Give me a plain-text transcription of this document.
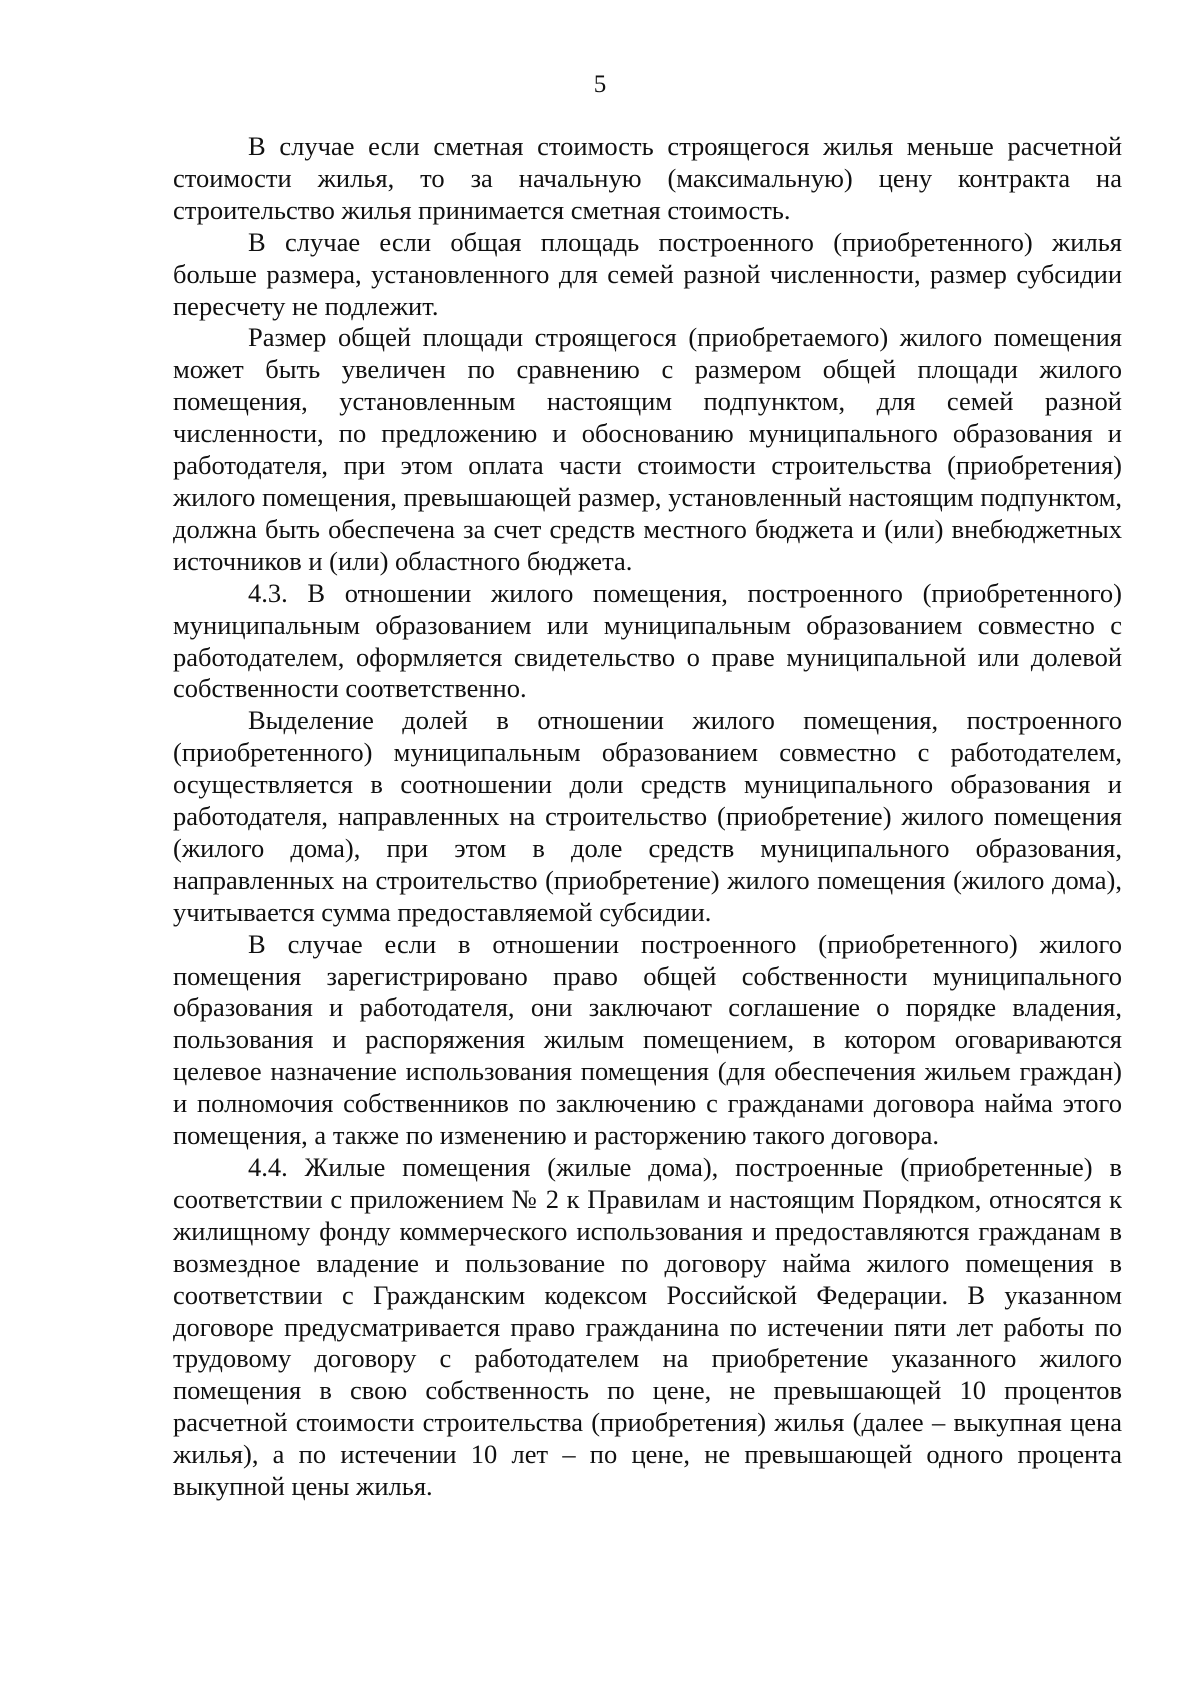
5

В случае если сметная стоимость строящегося жилья меньше расчетной стоимости жилья, то за начальную (максимальную) цену контракта на строительство жилья принимается сметная стоимость.

В случае если общая площадь построенного (приобретенного) жилья больше размера, установленного для семей разной численности, размер субсидии пересчету не подлежит.

Размер общей площади строящегося (приобретаемого) жилого помещения может быть увеличен по сравнению с размером общей площади жилого помещения, установленным настоящим подпунктом, для семей разной численности, по предложению и обоснованию муниципального образования и работодателя, при этом оплата части стоимости строительства (приобретения) жилого помещения, превышающей размер, установленный настоящим подпунктом, должна быть обеспечена за счет средств местного бюджета и (или) внебюджетных источников и (или) областного бюджета.

4.3. В отношении жилого помещения, построенного (приобретенного) муниципальным образованием или муниципальным образованием совместно с работодателем, оформляется свидетельство о праве муниципальной или долевой собственности соответственно.

Выделение долей в отношении жилого помещения, построенного (приобретенного) муниципальным образованием совместно с работодателем, осуществляется в соотношении доли средств муниципального образования и работодателя, направленных на строительство (приобретение) жилого помещения (жилого дома), при этом в доле средств муниципального образования, направленных на строительство (приобретение) жилого помещения (жилого дома), учитывается сумма предоставляемой субсидии.

В случае если в отношении построенного (приобретенного) жилого помещения зарегистрировано право общей собственности муниципального образования и работодателя, они заключают соглашение о порядке владения, пользования и распоряжения жилым помещением, в котором оговариваются целевое назначение использования помещения (для обеспечения жильем граждан) и полномочия собственников по заключению с гражданами договора найма этого помещения, а также по изменению и расторжению такого договора.

4.4. Жилые помещения (жилые дома), построенные (приобретенные) в соответствии с приложением № 2 к Правилам и настоящим Порядком, относятся к жилищному фонду коммерческого использования и предоставляются гражданам в возмездное владение и пользование по договору найма жилого помещения в соответствии с Гражданским кодексом Российской Федерации. В указанном договоре предусматривается право гражданина по истечении пяти лет работы по трудовому договору с работодателем на приобретение указанного жилого помещения в свою собственность по цене, не превышающей 10 процентов расчетной стоимости строительства (приобретения) жилья (далее – выкупная цена жилья), а по истечении 10 лет – по цене, не превышающей одного процента выкупной цены жилья.
